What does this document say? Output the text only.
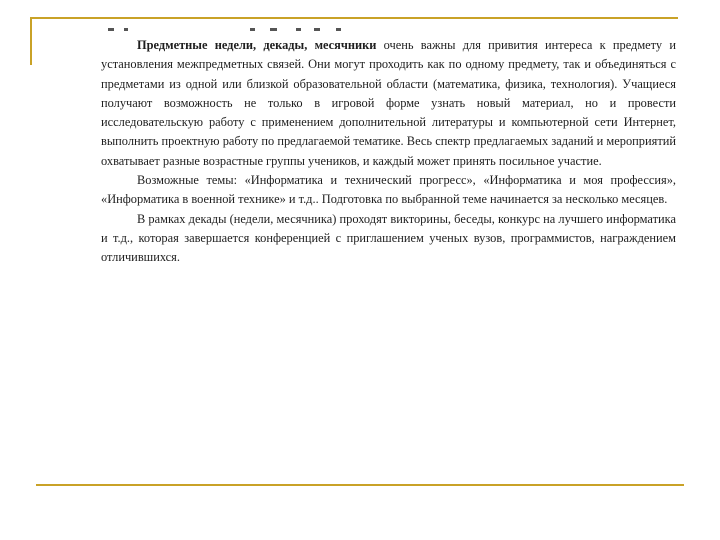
Предметные недели, декады, месячники очень важны для привития интереса к предмету и установления межпредметных связей. Они могут проходить как по одному предмету, так и объединяться с предметами из одной или близкой образовательной области (математика, физика, технология). Учащиеся получают возможность не только в игровой форме узнать новый материал, но и провести исследовательскую работу с применением дополнительной литературы и компьютерной сети Интернет, выполнить проектную работу по предлагаемой тематике. Весь спектр предлагаемых заданий и мероприятий охватывает разные возрастные группы учеников, и каждый может принять посильное участие.

Возможные темы: «Информатика и технический прогресс», «Информатика и моя профессия», «Информатика в военной технике» и т.д.. Подготовка по выбранной теме начинается за несколько месяцев.

В рамках декады (недели, месячника) проходят викторины, беседы, конкурс на лучшего информатика и т.д., которая завершается конференцией с приглашением ученых вузов, программистов, награждением отличившихся.
